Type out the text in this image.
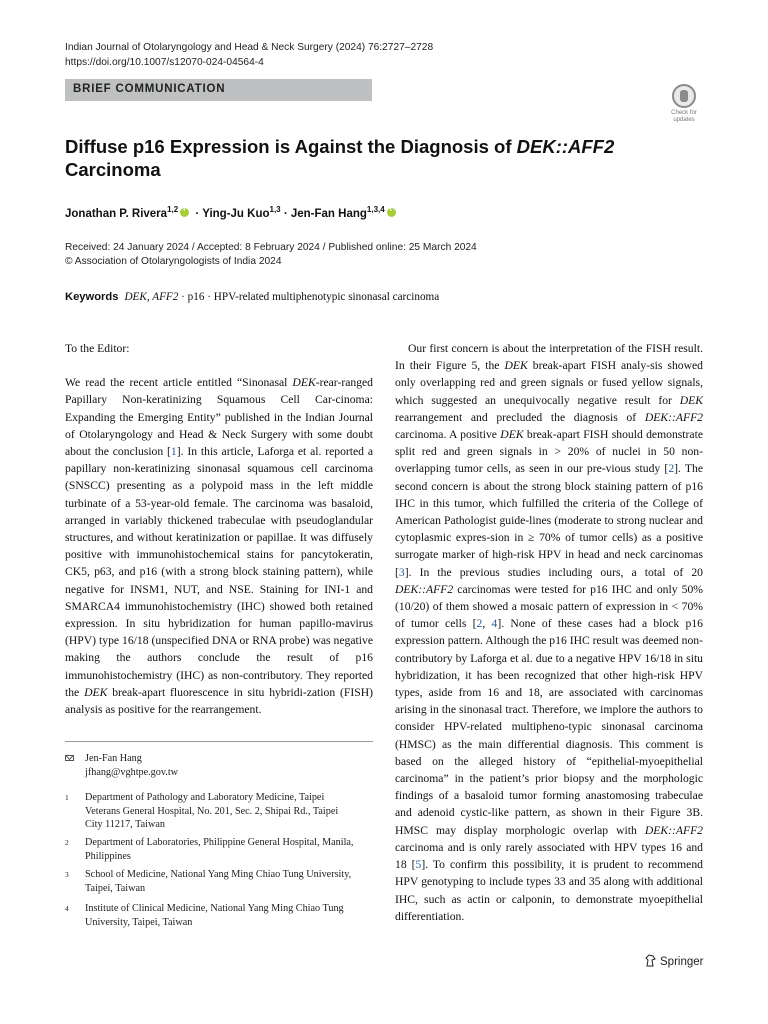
Indian Journal of Otolaryngology and Head & Neck Surgery (2024) 76:2727–2728
https://doi.org/10.1007/s12070-024-04564-4
BRIEF COMMUNICATION
Check for updates
Diffuse p16 Expression is Against the Diagnosis of DEK::AFF2 Carcinoma
Jonathan P. Rivera$^{1,2}$i · Ying-Ju Kuo$^{1,3}$ · Jen-Fan Hang$^{1,3,4}$i
Received: 24 January 2024 / Accepted: 8 February 2024 / Published online: 25 March 2024
© Association of Otolaryngologists of India 2024
Keywords DEK, AFF2 · p16 · HPV-related multiphenotypic sinonasal carcinoma

To the Editor:

We read the recent article entitled “Sinonasal DEK-rear-ranged Papillary Non-keratinizing Squamous Cell Car-cinoma: Expanding the Emerging Entity” published in the Indian Journal of Otolaryngology and Head & Neck Surgery with some doubt about the conclusion [1]. In this article, Laforga et al. reported a papillary non-keratinizing sinonasal squamous cell carcinoma (SNSCC) presenting as a polypoid mass in the left middle turbinate of a 53-year-old female. The carcinoma was basaloid, arranged in variably thickened trabeculae with pseudoglandular structures, and without keratinization or papillae. It was diffusely positive with immunohistochemical stains for pancytokeratin, CK5, p63, and p16 (with a strong block staining pattern), while negative for INSM1, NUT, and NSE. Staining for INI-1 and SMARCA4 immunohistochemistry (IHC) showed both retained expression. In situ hybridization for human papillo-mavirus (HPV) type 16/18 (unspecified DNA or RNA probe) was negative making the authors conclude the result of p16 immunohistochemistry (IHC) as non-contributory. They reported the DEK break-apart fluorescence in situ hybridi-zation (FISH) analysis as positive for the rearrangement.

Our first concern is about the interpretation of the FISH result. In their Figure 5, the DEK break-apart FISH analy-sis showed only overlapping red and green signals or fused yellow signals, which suggested an unequivocally negative result for DEK rearrangement and precluded the diagnosis of DEK::AFF2 carcinoma. A positive DEK break-apart FISH should demonstrate split red and green signals in > 20% of nuclei in 50 non-overlapping tumor cells, as seen in our pre-vious study [2]. The second concern is about the strong block staining pattern of p16 IHC in this tumor, which fulfilled the criteria of the College of American Pathologist guide-lines (moderate to strong nuclear and cytoplasmic expres-sion in ≥ 70% of tumor cells) as a positive surrogate marker of high-risk HPV in head and neck carcinomas [3]. In the previous studies including ours, a total of 20 DEK::AFF2 carcinomas were tested for p16 IHC and only 50% (10/20) of them showed a mosaic pattern of expression in < 70% of tumor cells [2, 4]. None of these cases had a block p16 expression pattern. Although the p16 IHC result was deemed non-contributory by Laforga et al. due to a negative HPV 16/18 in situ hybridization, it has been recognized that other high-risk HPV types, aside from 16 and 18, are associated with carcinomas arising in the sinonasal tract. Therefore, we implore the authors to consider HPV-related multipheno-typic sinonasal carcinoma (HMSC) as the main differential diagnosis. This comment is based on the alleged history of “epithelial-myoepithelial carcinoma” in the patient’s prior biopsy and the morphologic findings of a basaloid tumor forming anastomosing trabeculae and adenoid cystic-like pattern, as shown in their Figure 3B. HMSC may display morphologic overlap with DEK::AFF2 carcinoma and is only rarely associated with HPV types 16 and 18 [5]. To confirm this possibility, it is prudent to recommend HPV genotyping to include types 33 and 35 along with additional IHC, such as actin or calponin, to demonstrate myoepithelial differentiation.

Jen-Fan Hang
jfhang@vghtpe.gov.tw
1 Department of Pathology and Laboratory Medicine, Taipei Veterans General Hospital, No. 201, Sec. 2, Shipai Rd., Taipei City 11217, Taiwan
2 Department of Laboratories, Philippine General Hospital, Manila, Philippines
3 School of Medicine, National Yang Ming Chiao Tung University, Taipei, Taiwan
4 Institute of Clinical Medicine, National Yang Ming Chiao Tung University, Taipei, Taiwan
Springer
